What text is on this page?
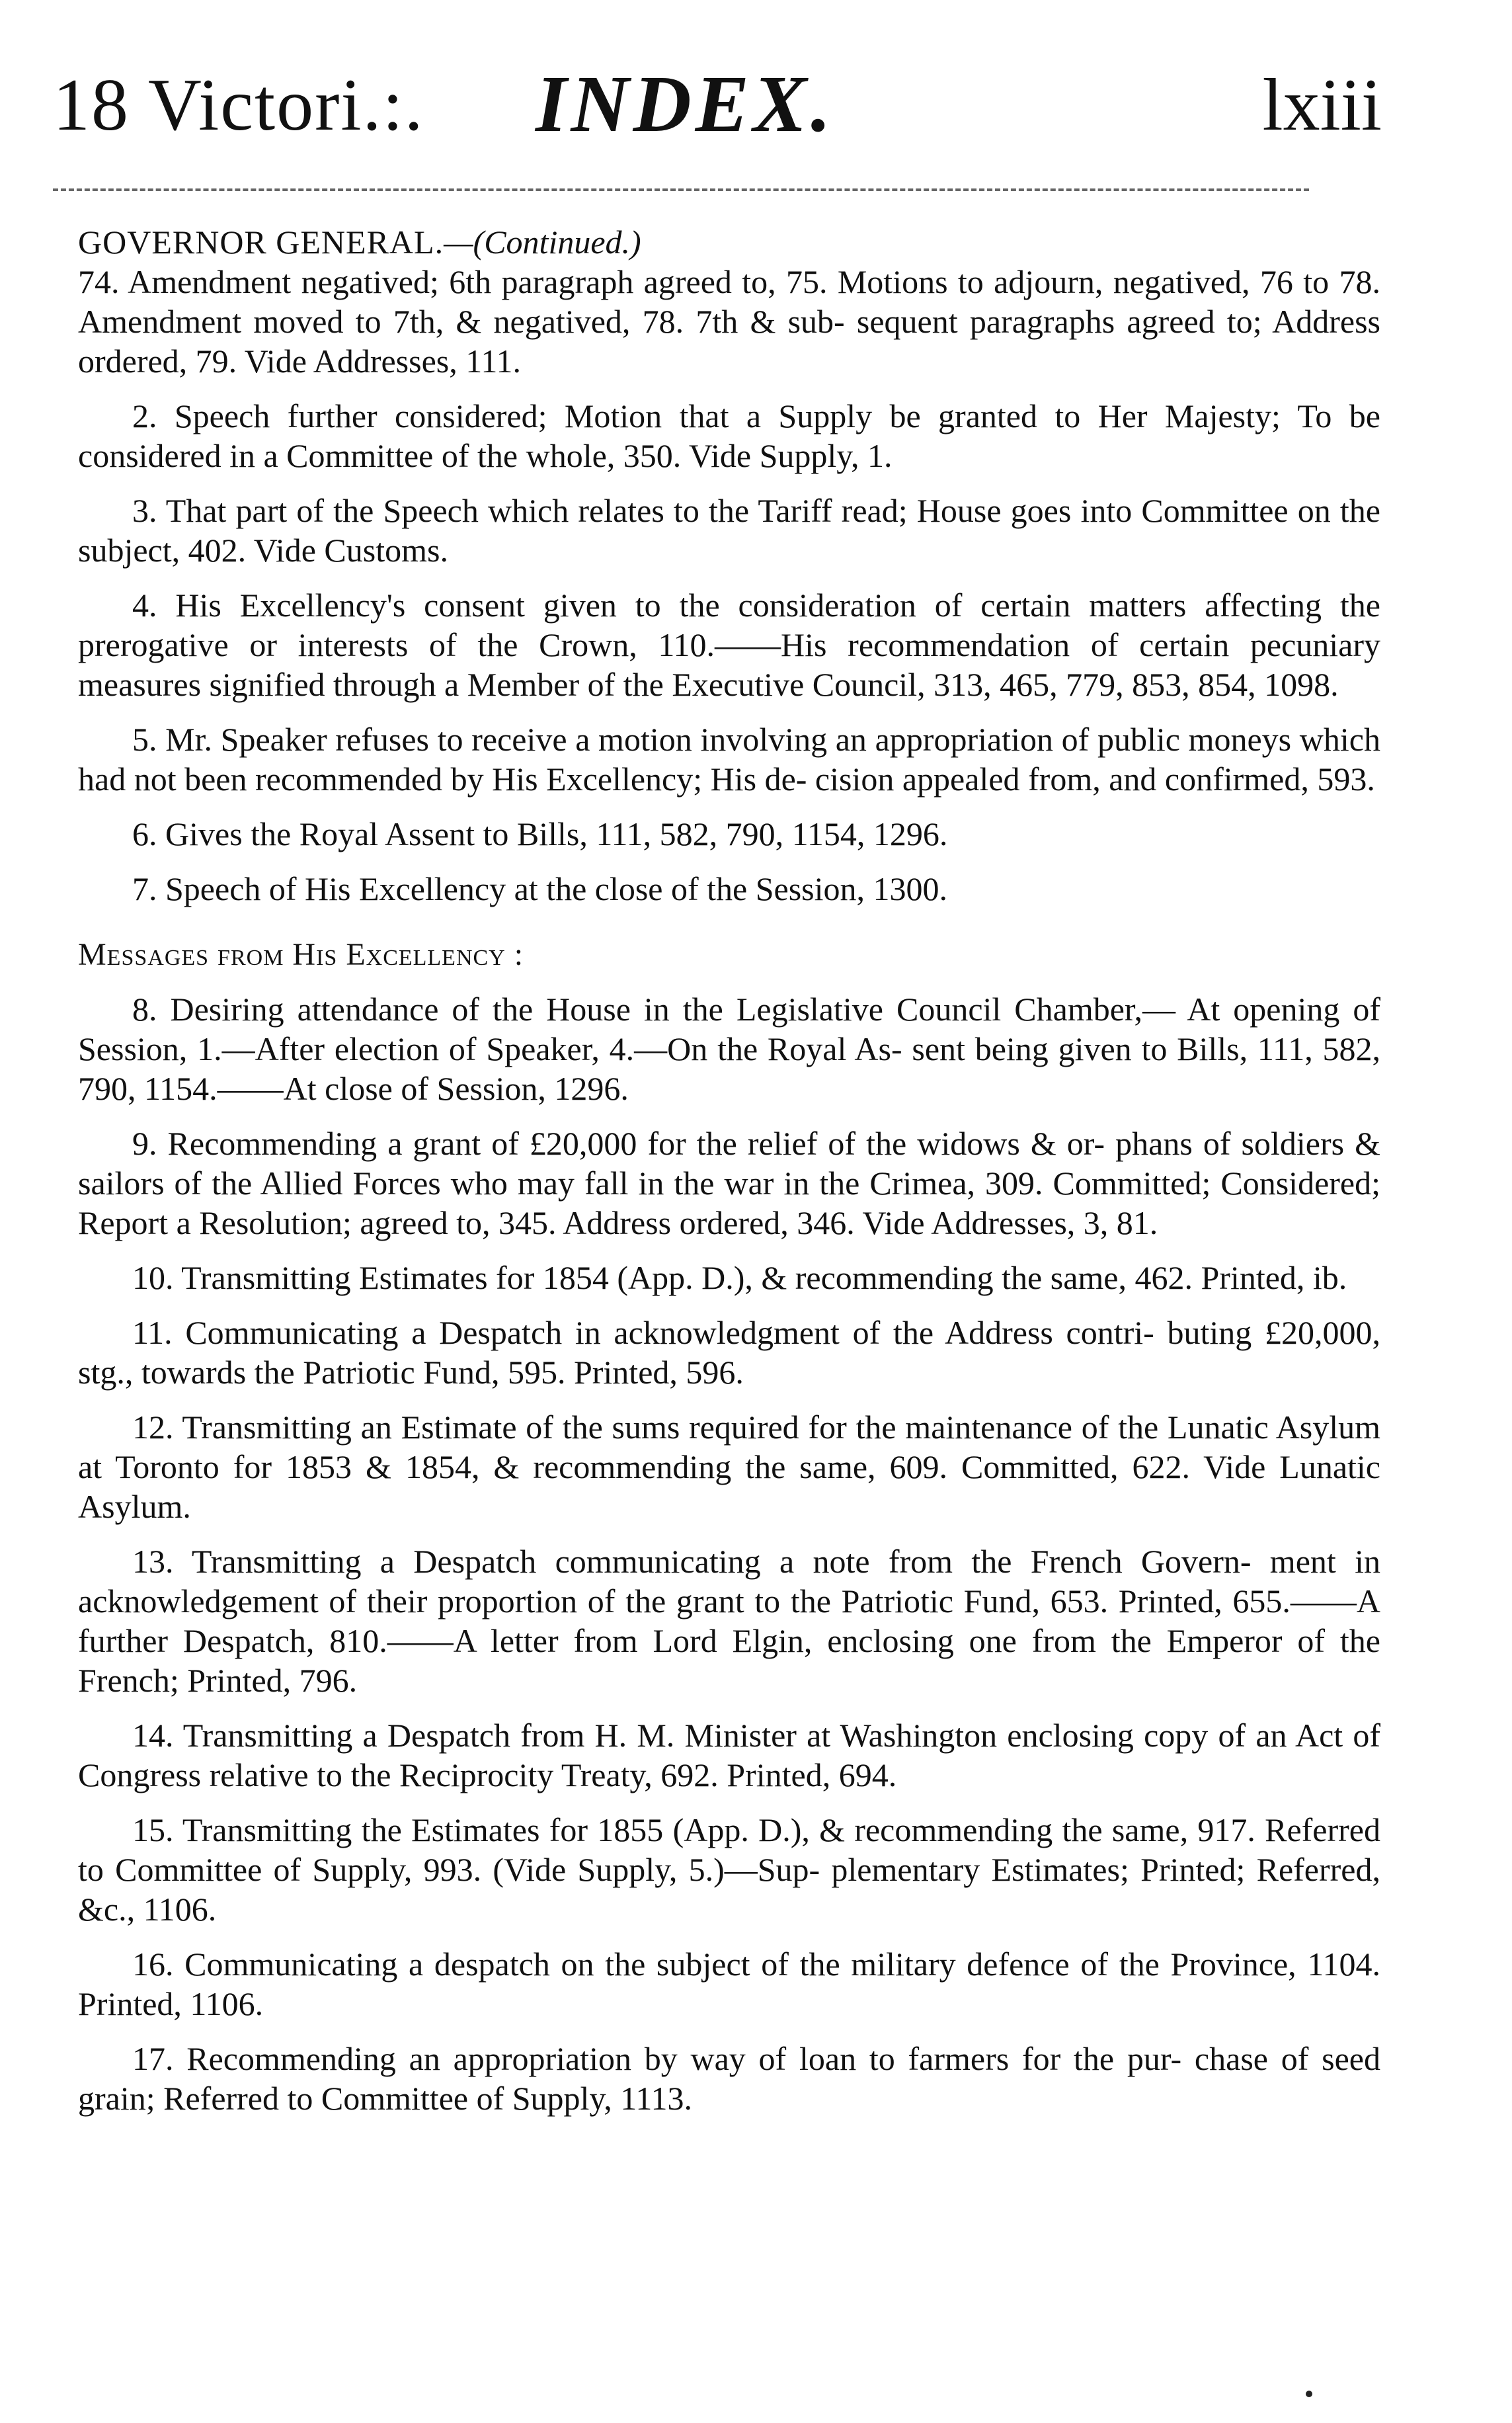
18 Victori.:. INDEX.	lxiii
GOVERNOR GENERAL.—(Continued.)

74. Amendment negatived; 6th paragraph agreed to, 75. Motions to adjourn, negatived, 76 to 78. Amendment moved to 7th, & negatived, 78. 7th & sub- sequent paragraphs agreed to; Address ordered, 79. Vide Addresses, 111.

2. Speech further considered; Motion that a Supply be granted to Her Majesty; To be considered in a Committee of the whole, 350. Vide Supply, 1.

3. That part of the Speech which relates to the Tariff read; House goes into Committee on the subject, 402. Vide Customs.

4. His Excellency's consent given to the consideration of certain matters affecting the prerogative or interests of the Crown, 110.——His recommendation of certain pecuniary measures signified through a Member of the Executive Council, 313, 465, 779, 853, 854, 1098.

5. Mr. Speaker refuses to receive a motion involving an appropriation of public moneys which had not been recommended by His Excellency; His de- cision appealed from, and confirmed, 593.

6. Gives the Royal Assent to Bills, 111, 582, 790, 1154, 1296.

7. Speech of His Excellency at the close of the Session, 1300.

Messages from His Excellency :

8. Desiring attendance of the House in the Legislative Council Chamber,— At opening of Session, 1.—After election of Speaker, 4.—On the Royal As- sent being given to Bills, 111, 582, 790, 1154.——At close of Session, 1296.

9. Recommending a grant of £20,000 for the relief of the widows & or- phans of soldiers & sailors of the Allied Forces who may fall in the war in the Crimea, 309. Committed; Considered; Report a Resolution; agreed to, 345. Address ordered, 346. Vide Addresses, 3, 81.

10. Transmitting Estimates for 1854 (App. D.), & recommending the same, 462. Printed, ib.

11. Communicating a Despatch in acknowledgment of the Address contri- buting £20,000, stg., towards the Patriotic Fund, 595. Printed, 596.

12. Transmitting an Estimate of the sums required for the maintenance of the Lunatic Asylum at Toronto for 1853 & 1854, & recommending the same, 609. Committed, 622. Vide Lunatic Asylum.

13. Transmitting a Despatch communicating a note from the French Govern- ment in acknowledgement of their proportion of the grant to the Patriotic Fund, 653. Printed, 655.——A further Despatch, 810.——A letter from Lord Elgin, enclosing one from the Emperor of the French; Printed, 796.

14. Transmitting a Despatch from H. M. Minister at Washington enclosing copy of an Act of Congress relative to the Reciprocity Treaty, 692. Printed, 694.

15. Transmitting the Estimates for 1855 (App. D.), & recommending the same, 917. Referred to Committee of Supply, 993. (Vide Supply, 5.)—Sup- plementary Estimates; Printed; Referred, &c., 1106.

16. Communicating a despatch on the subject of the military defence of the Province, 1104. Printed, 1106.

17. Recommending an appropriation by way of loan to farmers for the pur- chase of seed grain; Referred to Committee of Supply, 1113.
